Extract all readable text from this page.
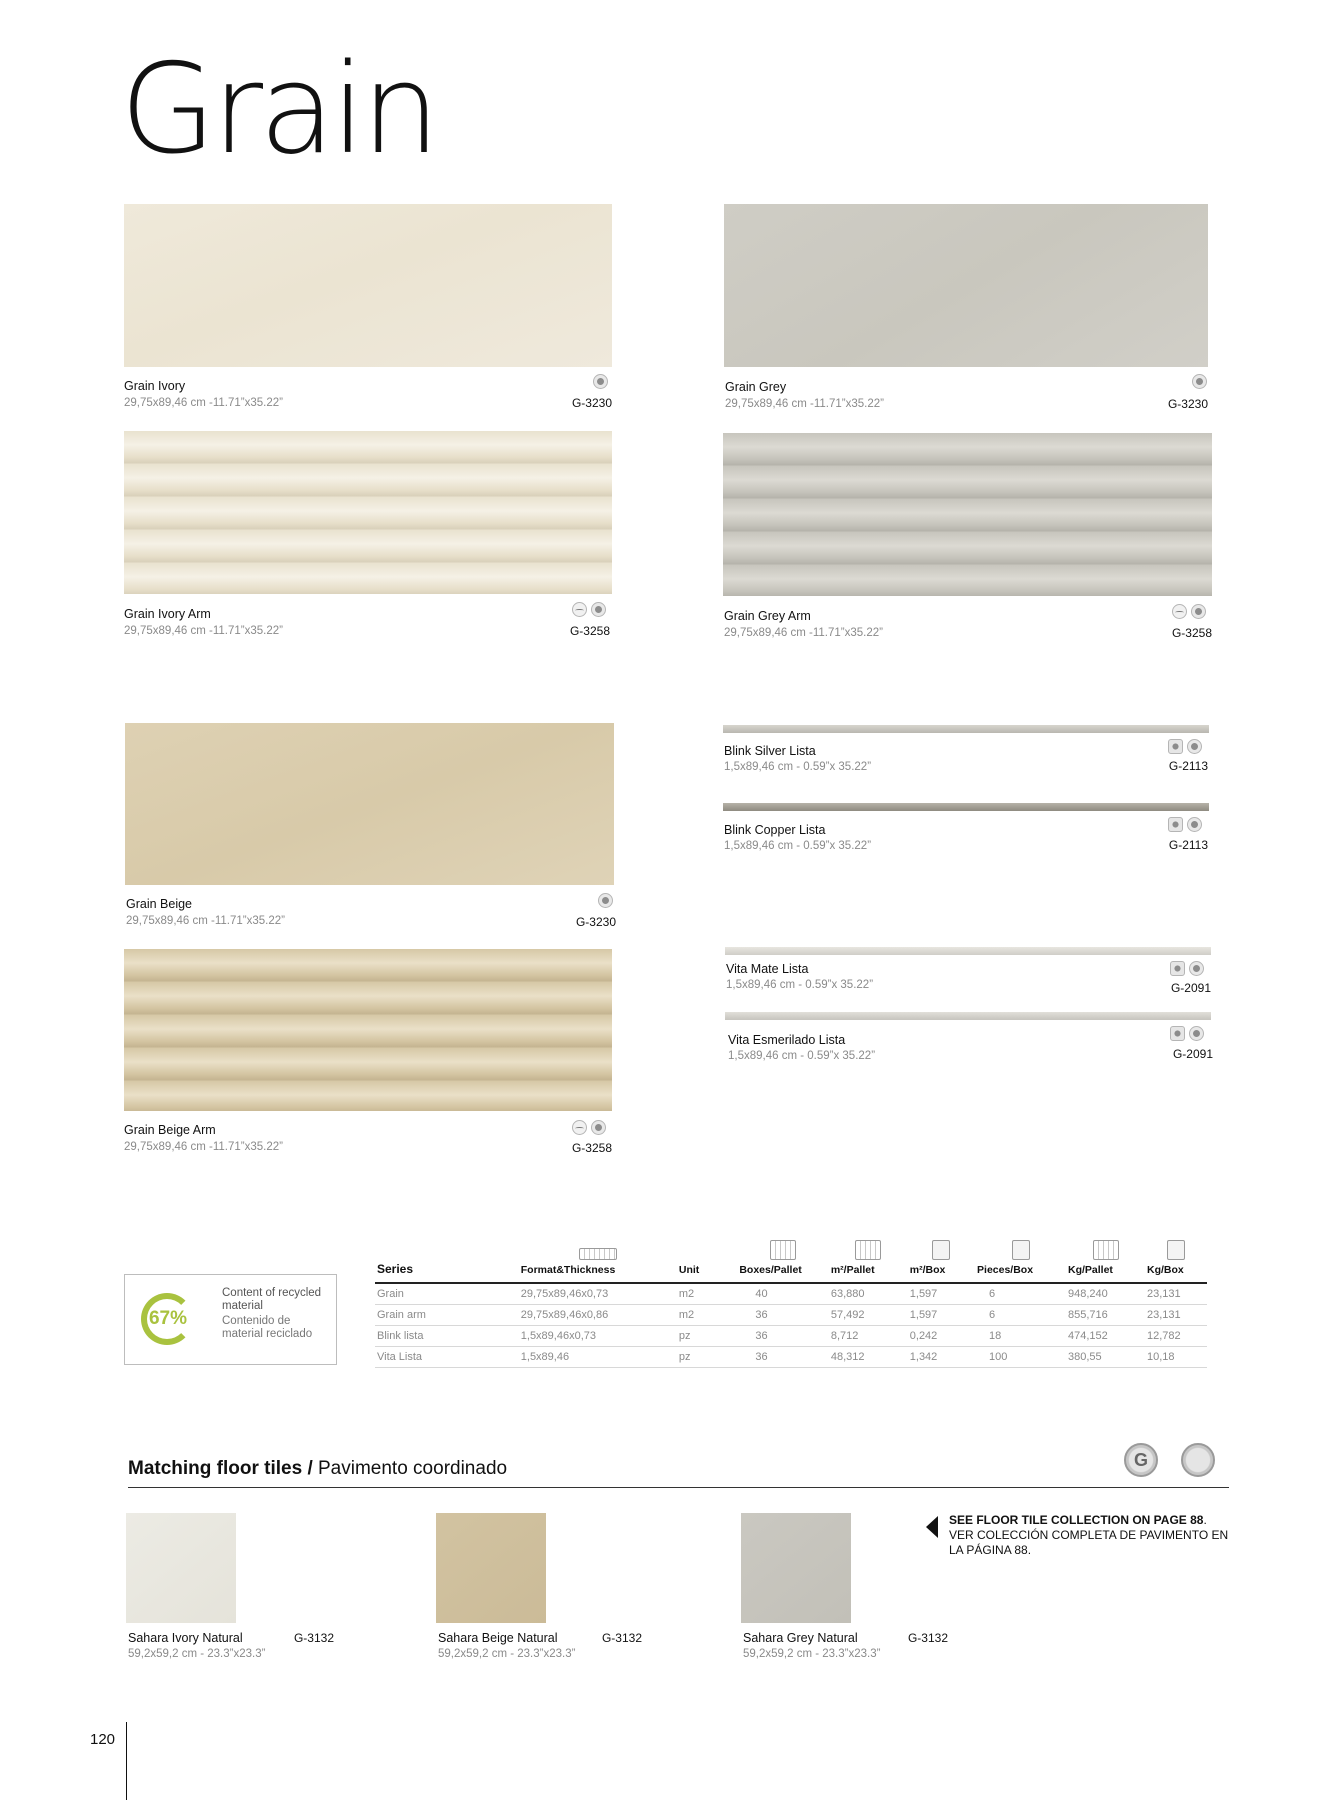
Grain
Grain Ivory
29,75x89,46 cm -11.71”x35.22”	G-3230
Grain Grey
29,75x89,46 cm -11.71”x35.22”	G-3230
Grain Ivory Arm
29,75x89,46 cm -11.71”x35.22”	G-3258
Grain Grey Arm
29,75x89,46 cm -11.71”x35.22”	G-3258
Grain Beige
29,75x89,46 cm -11.71”x35.22”	G-3230
Grain Beige Arm
29,75x89,46 cm -11.71”x35.22”	G-3258
Blink Silver Lista
1,5x89,46 cm - 0.59”x 35.22”	G-2113
Blink Copper Lista
1,5x89,46 cm - 0.59”x 35.22”	G-2113
Vita Mate Lista
1,5x89,46 cm - 0.59”x 35.22”	G-2091
Vita Esmerilado Lista
1,5x89,46 cm - 0.59”x 35.22”	G-2091
67%
Content of recycled material
Contenido de material reciclado
Series	Format&Thickness	Unit	Boxes/Pallet	m²/Pallet	m²/Box	Pieces/Box	Kg/Pallet	Kg/Box
Grain	29,75x89,46x0,73	m2	40	63,880	1,597	6	948,240	23,131
Grain arm	29,75x89,46x0,86	m2	36	57,492	1,597	6	855,716	23,131
Blink lista	1,5x89,46x0,73	pz	36	8,712	0,242	18	474,152	12,782
Vita Lista	1,5x89,46	pz	36	48,312	1,342	100	380,55	10,18
Matching floor tiles / Pavimento coordinado	G
SEE FLOOR TILE COLLECTION ON PAGE 88.
VER COLECCIÓN COMPLETA DE PAVIMENTO EN LA PÁGINA 88.
Sahara Ivory Natural	G-3132
59,2x59,2 cm - 23.3”x23.3”
Sahara Beige Natural	G-3132
59,2x59,2 cm - 23.3”x23.3”
Sahara Grey Natural	G-3132
59,2x59,2 cm - 23.3”x23.3”
120
